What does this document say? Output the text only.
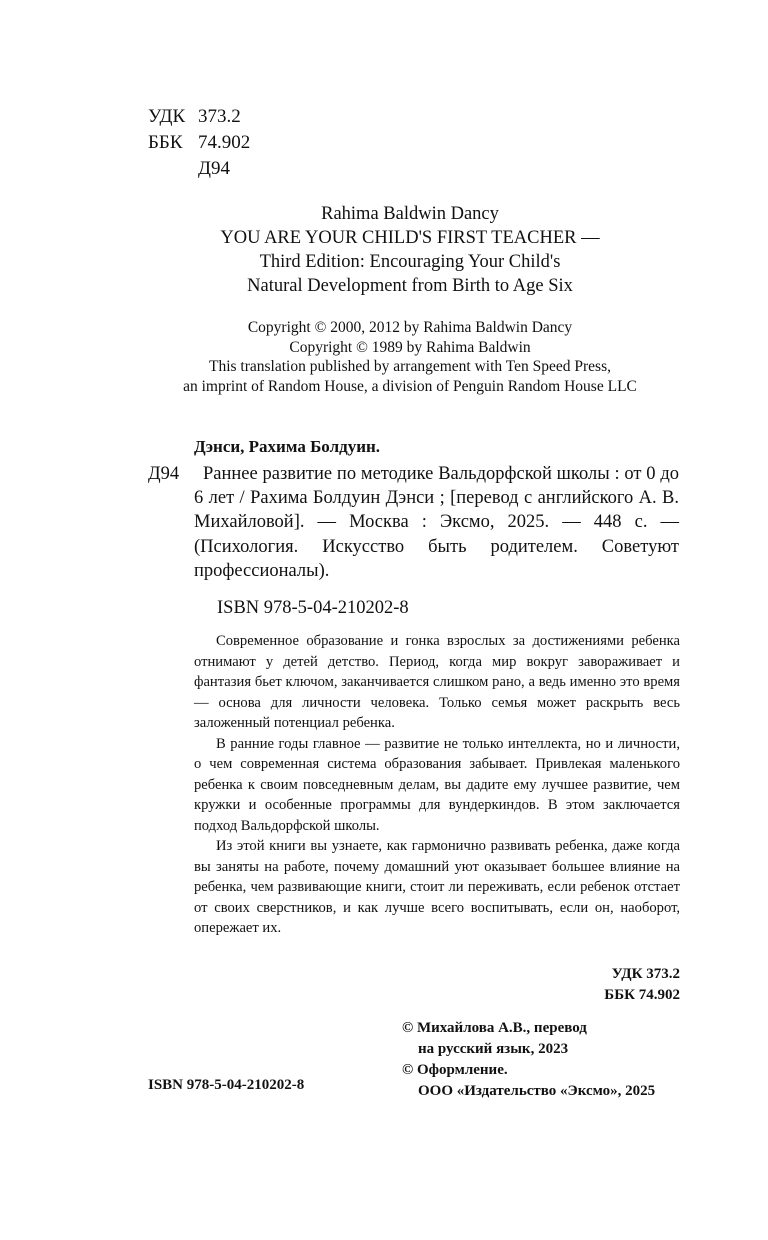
УДК 373.2
ББК 74.902
Д94
Rahima Baldwin Dancy
YOU ARE YOUR CHILD'S FIRST TEACHER —
Third Edition: Encouraging Your Child's
Natural Development from Birth to Age Six
Copyright © 2000, 2012 by Rahima Baldwin Dancy
Copyright © 1989 by Rahima Baldwin
This translation published by arrangement with Ten Speed Press,
an imprint of Random House, a division of Penguin Random House LLC
Дэнси, Рахима Болдуин.
Д94	Раннее развитие по методике Вальдорфской школы : от 0 до 6 лет / Рахима Болдуин Дэнси ; [перевод с английского А. В. Михайловой]. — Москва : Эксмо, 2025. — 448 с. — (Психология. Искусство быть родителем. Советуют профессионалы).
ISBN 978-5-04-210202-8

Современное образование и гонка взрослых за достижениями ребенка отнимают у детей детство. Период, когда мир вокруг завораживает и фантазия бьет ключом, заканчивается слишком рано, а ведь именно это время — основа для личности человека. Только семья может раскрыть весь заложенный потенциал ребенка.

В ранние годы главное — развитие не только интеллекта, но и личности, о чем современная система образования забывает. Привлекая маленького ребенка к своим повседневным делам, вы дадите ему лучшее развитие, чем кружки и особенные программы для вундеркиндов. В этом заключается подход Вальдорфской школы.

Из этой книги вы узнаете, как гармонично развивать ребенка, даже когда вы заняты на работе, почему домашний уют оказывает большее влияние на ребенка, чем развивающие книги, стоит ли переживать, если ребенок отстает от своих сверстников, и как лучше всего воспитывать, если он, наоборот, опережает их.

УДК 373.2
ББК 74.902
© Михайлова А.В., перевод
на русский язык, 2023
© Оформление.
ООО «Издательство «Эксмо», 2025
ISBN 978-5-04-210202-8
